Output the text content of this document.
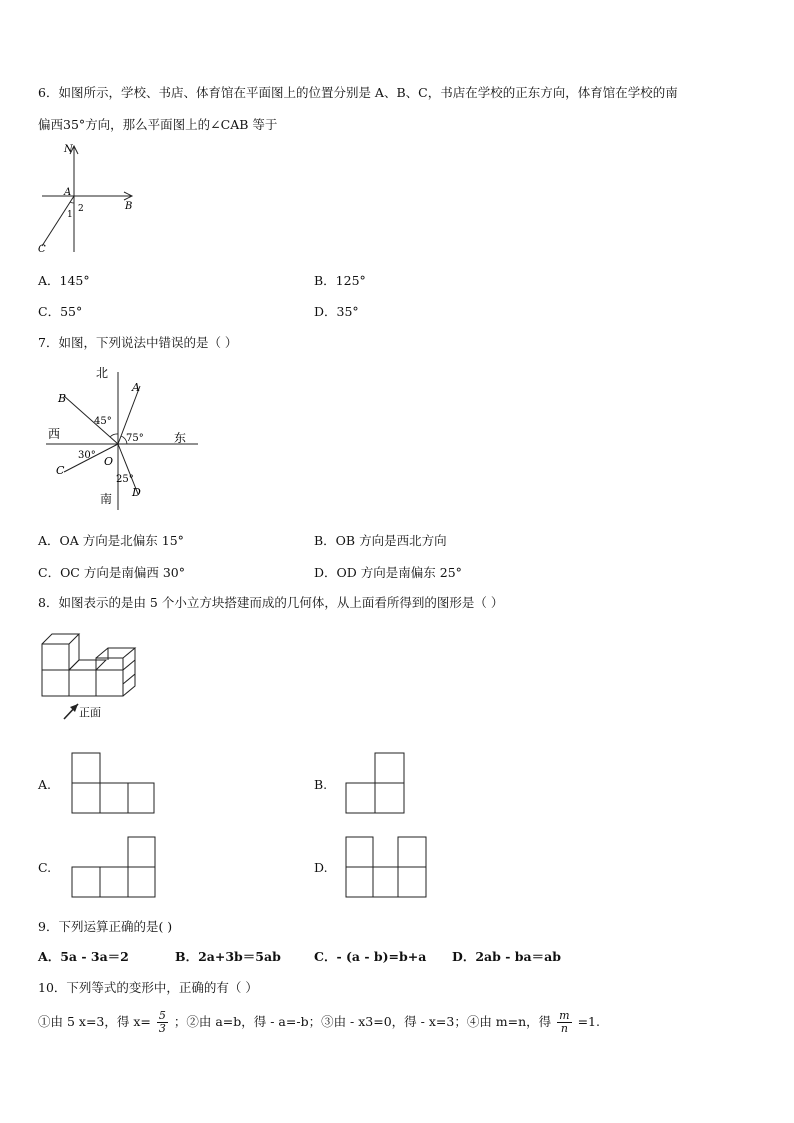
6．如图所示，学校、书店、体育馆在平面图上的位置分别是 A、B、C，书店在学校的正东方向，体育馆在学校的南
偏西35°方向，那么平面图上的∠CAB 等于
N
A
B
C
1
2
A．145°	B．125°
C．55°	D．35°
7．如图，下列说法中错误的是（ ）
北
南
西	东
A
B
C
D
O
45°
75°
30°
25°
A．OA 方向是北偏东 15°	B．OB 方向是西北方向
C．OC 方向是南偏西 30°	D．OD 方向是南偏东 25°
8．如图表示的是由 5 个小立方块搭建而成的几何体，从上面看所得到的图形是（ ）
正面
A.	B.
C.	D.
9．下列运算正确的是( )
A．5a - 3a＝2	B．2a+3b＝5ab	C．- (a - b)=b+a D．2ab - ba＝ab
10．下列等式的变形中，正确的有（ ）
①由 5 x=3，得 $x= \frac{5}{3}$ ；②由 a=b，得 - a=-b；③由 - x3=0，得 - x=3；④由 m=n，得 $\frac{m}{n} =1$.
